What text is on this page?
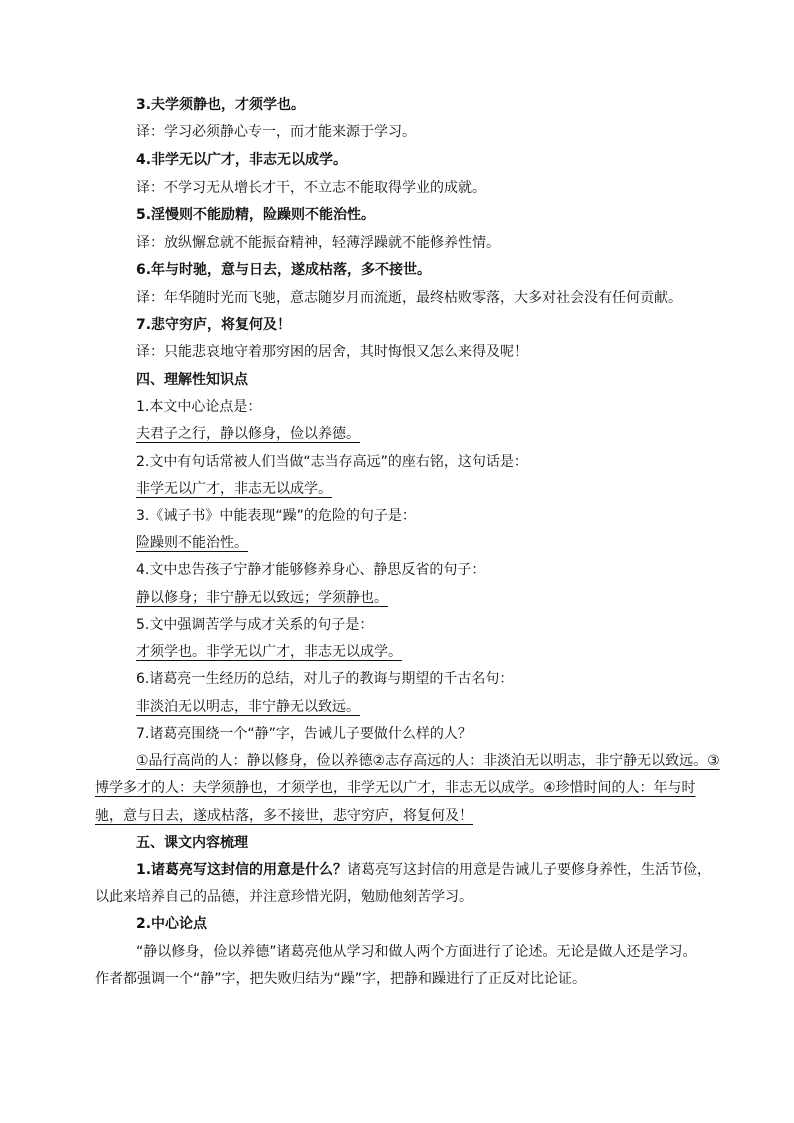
3.夫学须静也，才须学也。
译：学习必须静心专一，而才能来源于学习。
4.非学无以广才，非志无以成学。
译：不学习无从增长才干，不立志不能取得学业的成就。
5.淫慢则不能励精，险躁则不能治性。
译：放纵懈怠就不能振奋精神，轻薄浮躁就不能修养性情。
6.年与时驰，意与日去，遂成枯落，多不接世。
译：年华随时光而飞驰，意志随岁月而流逝，最终枯败零落，大多对社会没有任何贡献。
7.悲守穷庐，将复何及！
译：只能悲哀地守着那穷困的居舍，其时悔恨又怎么来得及呢！
四、理解性知识点
1.本文中心论点是：
夫君子之行，静以修身，俭以养德。
2.文中有句话常被人们当做“志当存高远”的座右铭，这句话是：
非学无以广才，非志无以成学。
3.《诫子书》中能表现“躁”的危险的句子是：
险躁则不能治性。
4.文中忠告孩子宁静才能够修养身心、静思反省的句子：
静以修身；非宁静无以致远；学须静也。
5.文中强调苦学与成才关系的句子是：
才须学也。非学无以广才，非志无以成学。
6.诸葛亮一生经历的总结，对儿子的教诲与期望的千古名句：
非淡泊无以明志，非宁静无以致远。
7.诸葛亮围绕一个“静”字，告诫儿子要做什么样的人？
①品行高尚的人：静以修身，俭以养德②志存高远的人：非淡泊无以明志，非宁静无以致远。③
博学多才的人：夫学须静也，才须学也，非学无以广才，非志无以成学。④珍惜时间的人：年与时
驰，意与日去，遂成枯落，多不接世，悲守穷庐，将复何及！
五、课文内容梳理
1.诸葛亮写这封信的用意是什么？诸葛亮写这封信的用意是告诫儿子要修身养性，生活节俭，
以此来培养自己的品德，并注意珍惜光阴，勉励他刻苦学习。
2.中心论点
“静以修身，俭以养德”诸葛亮他从学习和做人两个方面进行了论述。无论是做人还是学习。
作者都强调一个“静”字，把失败归结为“躁”字，把静和躁进行了正反对比论证。
